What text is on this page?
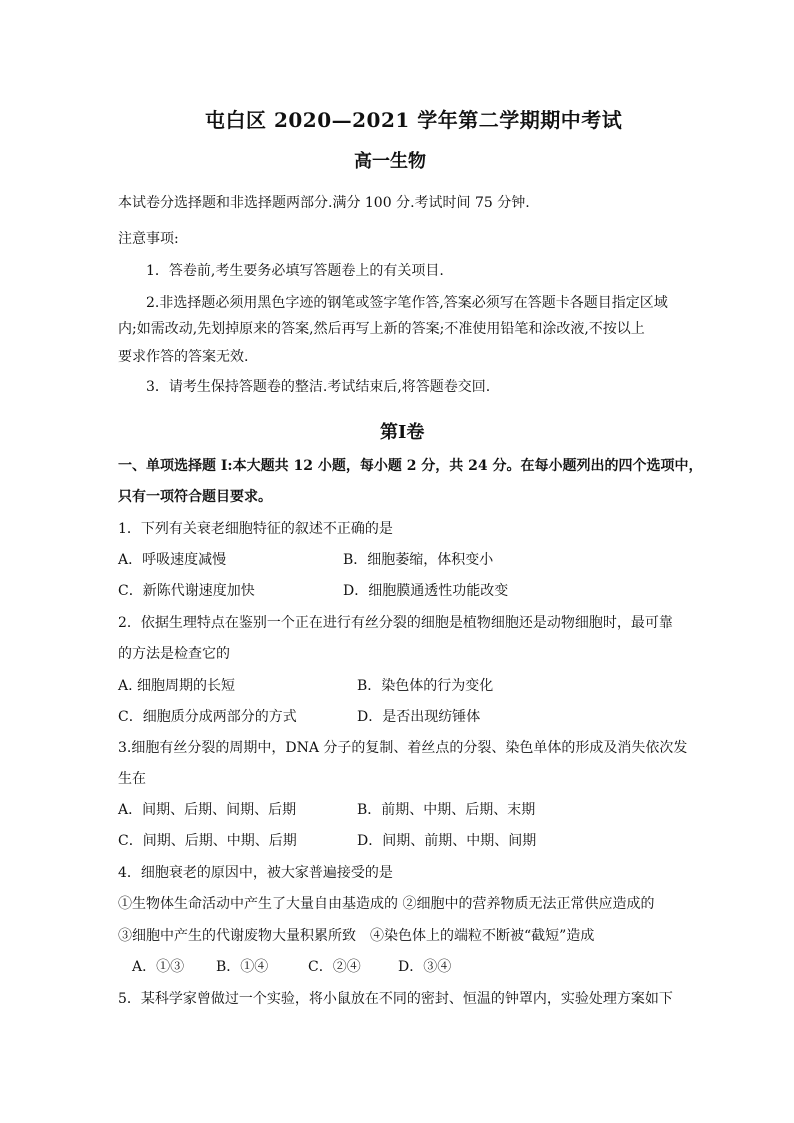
屯白区 2020—2021 学年第二学期期中考试
高一生物
本试卷分选择题和非选择题两部分.满分 100 分.考试时间 75 分钟.
注意事项:
1．答卷前,考生要务必填写答题卷上的有关项目.
2.非选择题必须用黑色字迹的钢笔或签字笔作答,答案必须写在答题卡各题目指定区域
内;如需改动,先划掉原来的答案,然后再写上新的答案;不准使用铅笔和涂改液,不按以上
要求作答的答案无效.
3．请考生保持答题卷的整洁.考试结束后,将答题卷交回.
第Ⅰ卷
一、单项选择题 I:本大题共 12 小题，每小题 2 分，共 24 分。在每小题列出的四个选项中，
只有一项符合题目要求。
1．下列有关衰老细胞特征的叙述不正确的是
A．呼吸速度减慢	B．细胞萎缩，体积变小
C．新陈代谢速度加快	D．细胞膜通透性功能改变
2．依据生理特点在鉴别一个正在进行有丝分裂的细胞是植物细胞还是动物细胞时，最可靠
的方法是检查它的
A. 细胞周期的长短	B．染色体的行为变化
C．细胞质分成两部分的方式	D．是否出现纺锤体
3.细胞有丝分裂的周期中，DNA 分子的复制、着丝点的分裂、染色单体的形成及消失依次发
生在
A．间期、后期、间期、后期	B．前期、中期、后期、末期
C．间期、后期、中期、后期	D．间期、前期、中期、间期
4．细胞衰老的原因中，被大家普遍接受的是
①生物体生命活动中产生了大量自由基造成的 ②细胞中的营养物质无法正常供应造成的
③细胞中产生的代谢废物大量积累所致　④染色体上的端粒不断被“截短”造成
A．①③ B．①④	C．②④	D．③④
5．某科学家曾做过一个实验，将小鼠放在不同的密封、恒温的钟罩内，实验处理方案如下
